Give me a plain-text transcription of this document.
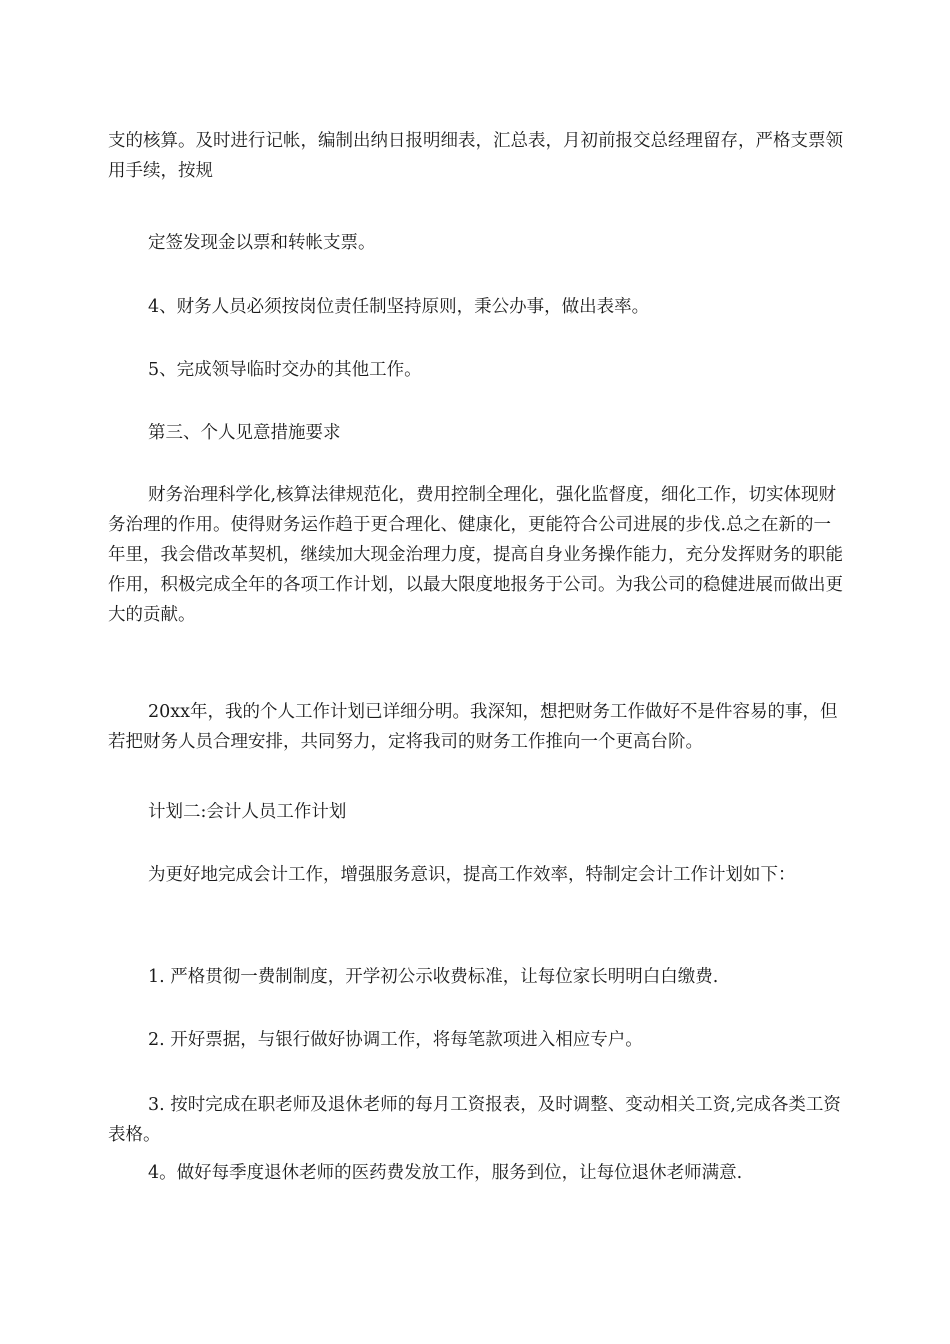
支的核算。及时进行记帐，编制出纳日报明细表，汇总表，月初前报交总经理留存，严格支票领用手续，按规

定签发现金以票和转帐支票。

4、财务人员必须按岗位责任制坚持原则，秉公办事，做出表率。

5、完成领导临时交办的其他工作。

第三、个人见意措施要求

财务治理科学化,核算法律规范化，费用控制全理化，强化监督度，细化工作，切实体现财务治理的作用。使得财务运作趋于更合理化、健康化，更能符合公司进展的步伐.总之在新的一年里，我会借改革契机，继续加大现金治理力度，提高自身业务操作能力，充分发挥财务的职能作用，积极完成全年的各项工作计划，以最大限度地报务于公司。为我公司的稳健进展而做出更大的贡献。

20xx年，我的个人工作计划已详细分明。我深知，想把财务工作做好不是件容易的事，但若把财务人员合理安排，共同努力，定将我司的财务工作推向一个更高台阶。

计划二:会计人员工作计划

为更好地完成会计工作，增强服务意识，提高工作效率，特制定会计工作计划如下：

1. 严格贯彻一费制制度，开学初公示收费标准，让每位家长明明白白缴费.

2. 开好票据，与银行做好协调工作，将每笔款项进入相应专户。

3. 按时完成在职老师及退休老师的每月工资报表，及时调整、变动相关工资,完成各类工资表格。

4。做好每季度退休老师的医药费发放工作，服务到位，让每位退休老师满意.
